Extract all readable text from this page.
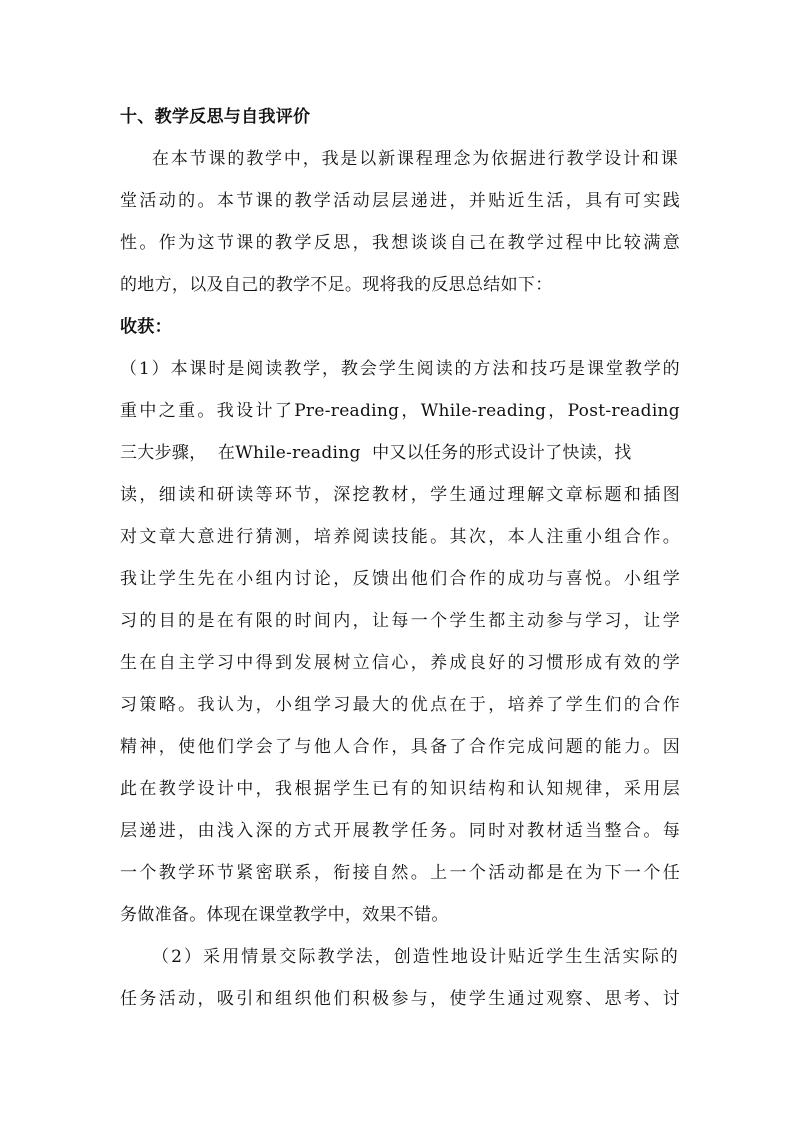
十、教学反思与自我评价
在本节课的教学中，我是以新课程理念为依据进行教学设计和课
堂活动的。本节课的教学活动层层递进，并贴近生活，具有可实践
性。作为这节课的教学反思，我想谈谈自己在教学过程中比较满意
的地方，以及自己的教学不足。现将我的反思总结如下：
收获：
（1）本课时是阅读教学，教会学生阅读的方法和技巧是课堂教学的
重中之重。我设计了Pre-reading，While-reading，Post-reading
三大步骤，  在While-reading  中又以任务的形式设计了快读，找
读，细读和研读等环节，深挖教材，学生通过理解文章标题和插图
对文章大意进行猜测，培养阅读技能。其次，本人注重小组合作。
我让学生先在小组内讨论，反馈出他们合作的成功与喜悦。小组学
习的目的是在有限的时间内，让每一个学生都主动参与学习，让学
生在自主学习中得到发展树立信心，养成良好的习惯形成有效的学
习策略。我认为，小组学习最大的优点在于，培养了学生们的合作
精神，使他们学会了与他人合作，具备了合作完成问题的能力。因
此在教学设计中，我根据学生已有的知识结构和认知规律，采用层
层递进，由浅入深的方式开展教学任务。同时对教材适当整合。每
一个教学环节紧密联系，衔接自然。上一个活动都是在为下一个任
务做准备。体现在课堂教学中，效果不错。
（2）采用情景交际教学法，创造性地设计贴近学生生活实际的
任务活动，吸引和组织他们积极参与，使学生通过观察、思考、讨
